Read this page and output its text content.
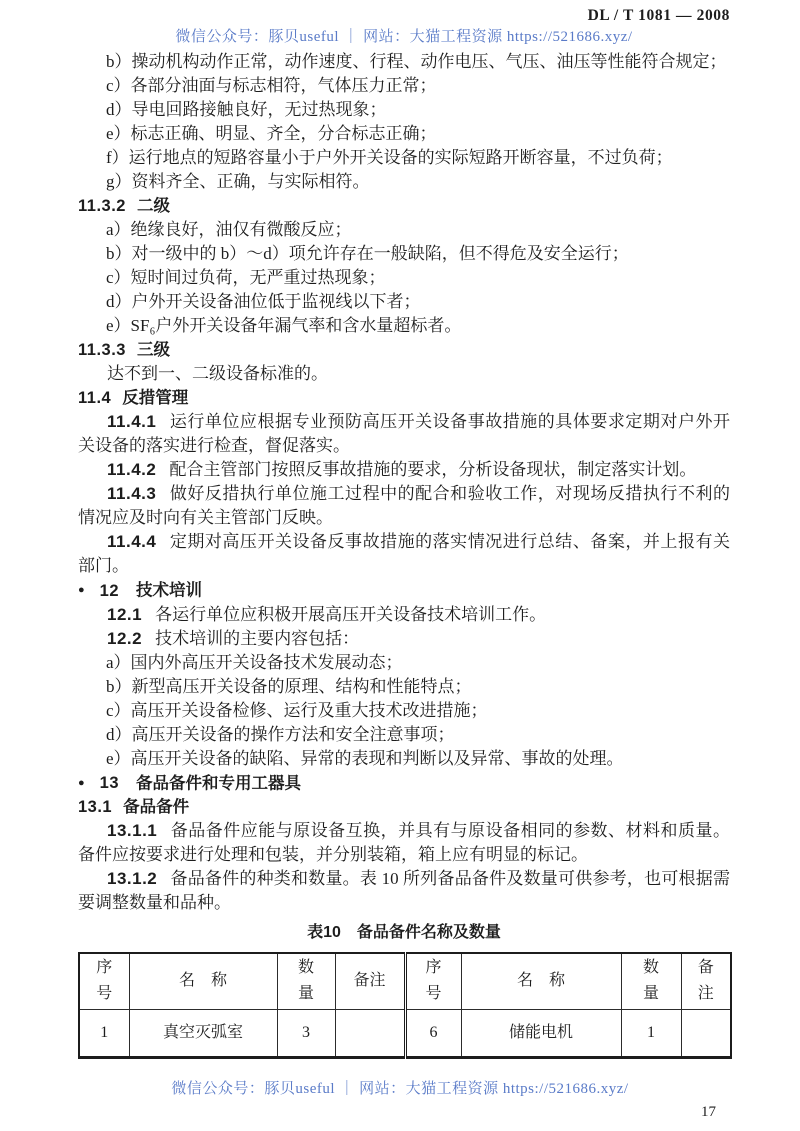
DL / T 1081 — 2008
微信公众号：豚贝useful ｜ 网站：大猫工程资源 https://521686.xyz/

b）操动机构动作正常，动作速度、行程、动作电压、气压、油压等性能符合规定；

c）各部分油面与标志相符，气体压力正常；

d）导电回路接触良好，无过热现象；

e）标志正确、明显、齐全，分合标志正确；

f）运行地点的短路容量小于户外开关设备的实际短路开断容量，不过负荷；

g）资料齐全、正确，与实际相符。

11.3.2 二级

a）绝缘良好，油仅有微酸反应；

b）对一级中的 b）～d）项允许存在一般缺陷，但不得危及安全运行；

c）短时间过负荷，无严重过热现象；

d）户外开关设备油位低于监视线以下者；

e）SF₆户外开关设备年漏气率和含水量超标者。

11.3.3 三级

达不到一、二级设备标准的。

11.4 反措管理

11.4.1 运行单位应根据专业预防高压开关设备事故措施的具体要求定期对户外开关设备的落实进行检查，督促落实。

11.4.2 配合主管部门按照反事故措施的要求，分析设备现状，制定落实计划。

11.4.3 做好反措执行单位施工过程中的配合和验收工作，对现场反措执行不利的情况应及时向有关主管部门反映。

11.4.4 定期对高压开关设备反事故措施的落实情况进行总结、备案，并上报有关部门。

● 12 技术培训

12.1 各运行单位应积极开展高压开关设备技术培训工作。

12.2 技术培训的主要内容包括：

a）国内外高压开关设备技术发展动态；

b）新型高压开关设备的原理、结构和性能特点；

c）高压开关设备检修、运行及重大技术改进措施；

d）高压开关设备的操作方法和安全注意事项；

e）高压开关设备的缺陷、异常的表现和判断以及异常、事故的处理。

● 13 备品备件和专用工器具

13.1 备品备件

13.1.1 备品备件应能与原设备互换，并具有与原设备相同的参数、材料和质量。备件应按要求进行处理和包装，并分别装箱，箱上应有明显的标记。

13.1.2 备品备件的种类和数量。表 10 所列备品备件及数量可供参考，也可根据需要调整数量和品种。

表10　备品备件名称及数量

序号	名　称	数量	备注	序号	名　称	数量	备注
1	真空灭弧室	3		6	储能电机	1	
微信公众号：豚贝useful ｜ 网站：大猫工程资源 https://521686.xyz/
17
